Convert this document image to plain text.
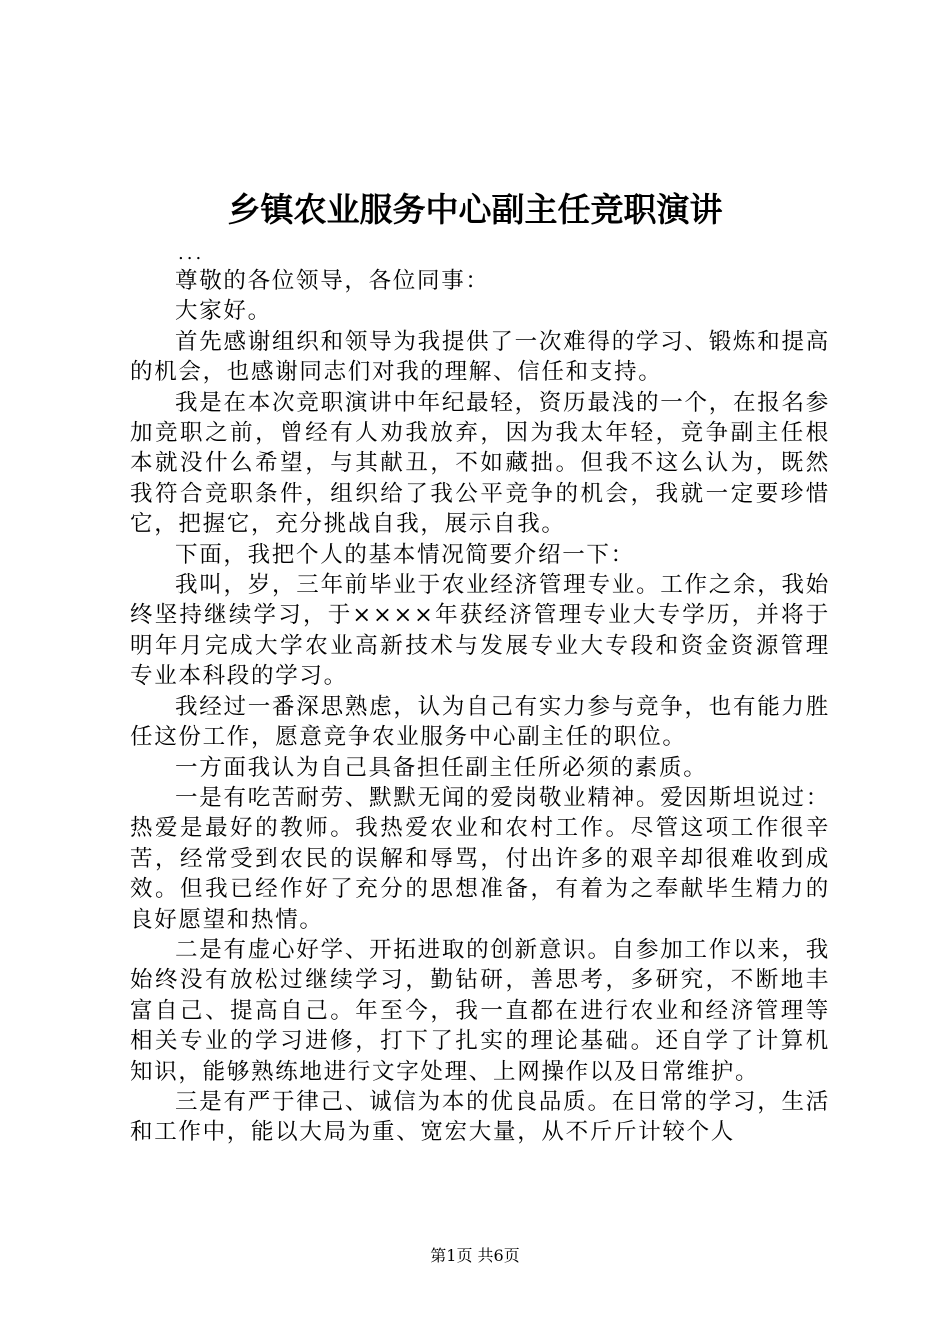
乡镇农业服务中心副主任竞职演讲
...

尊敬的各位领导，各位同事：

大家好。

首先感谢组织和领导为我提供了一次难得的学习、锻炼和提高的机会，也感谢同志们对我的理解、信任和支持。

我是在本次竞职演讲中年纪最轻，资历最浅的一个，在报名参加竞职之前，曾经有人劝我放弃，因为我太年轻，竞争副主任根本就没什么希望，与其献丑，不如藏拙。但我不这么认为，既然我符合竞职条件，组织给了我公平竞争的机会，我就一定要珍惜它，把握它，充分挑战自我，展示自我。

下面，我把个人的基本情况简要介绍一下：

我叫，岁，三年前毕业于农业经济管理专业。工作之余，我始终坚持继续学习，于××××年获经济管理专业大专学历，并将于明年月完成大学农业高新技术与发展专业大专段和资金资源管理专业本科段的学习。

我经过一番深思熟虑，认为自己有实力参与竞争，也有能力胜任这份工作，愿意竞争农业服务中心副主任的职位。

一方面我认为自己具备担任副主任所必须的素质。

一是有吃苦耐劳、默默无闻的爱岗敬业精神。爱因斯坦说过：热爱是最好的教师。我热爱农业和农村工作。尽管这项工作很辛苦，经常受到农民的误解和辱骂，付出许多的艰辛却很难收到成效。但我已经作好了充分的思想准备，有着为之奉献毕生精力的良好愿望和热情。

二是有虚心好学、开拓进取的创新意识。自参加工作以来，我始终没有放松过继续学习，勤钻研，善思考，多研究，不断地丰富自己、提高自己。年至今，我一直都在进行农业和经济管理等相关专业的学习进修，打下了扎实的理论基础。还自学了计算机知识，能够熟练地进行文字处理、上网操作以及日常维护。

三是有严于律己、诚信为本的优良品质。在日常的学习，生活和工作中，能以大局为重、宽宏大量，从不斤斤计较个人

第1页 共6页
